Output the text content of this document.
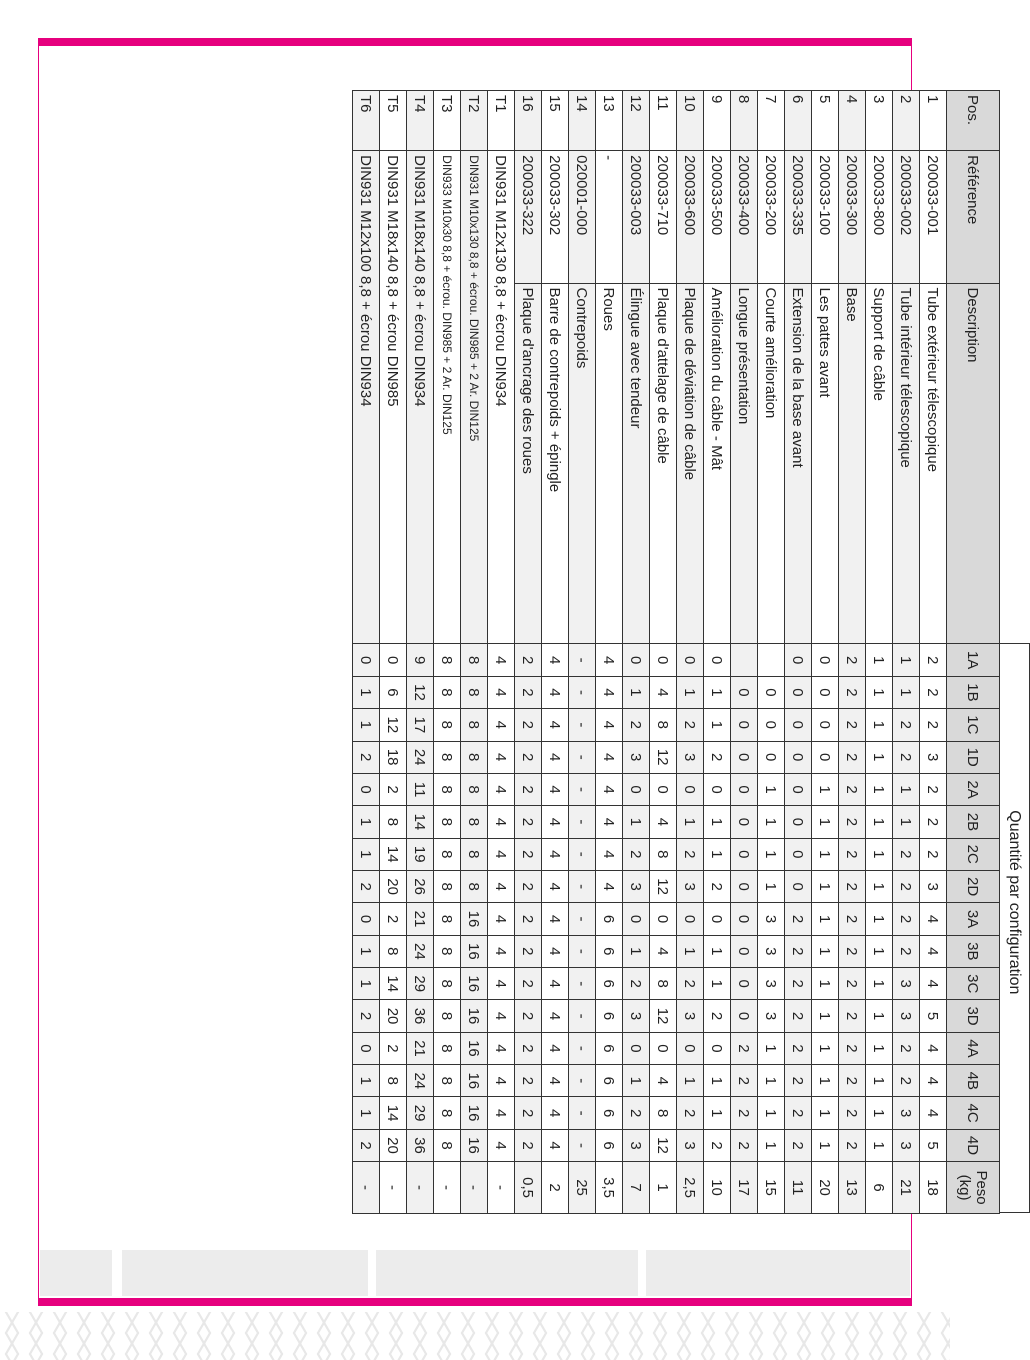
Quantité par configuration
Pos.	Référence	Description	1A	1B	1C	1D	2A	2B	2C	2D	3A	3B	3C	3D	4A	4B	4C	4D	Peso
(kg)

1	200033-001	Tube extérieur télescopique	2	2	2	3	2	2	2	3	4	4	4	5	4	4	4	5	18
2	200033-002	Tube intérieur télescopique	1	1	2	2	1	1	2	2	2	2	3	3	2	2	3	3	21
3	200033-800	Support de câble	1	1	1	1	1	1	1	1	1	1	1	1	1	1	1	1	6
4	200033-300	Base	2	2	2	2	2	2	2	2	2	2	2	2	2	2	2	2	13
5	200033-100	Les pattes avant	0	0	0	0	1	1	1	1	1	1	1	1	1	1	1	1	20
6	200033-335	Extension de la base avant	0	0	0	0	0	0	0	0	2	2	2	2	2	2	2	2	11
7	200033-200	Courte amélioration		0	0	0	1	1	1	1	3	3	3	3	1	1	1	1	15
8	200033-400	Longue présentation		0	0	0	0	0	0	0	0	0	0	0	2	2	2	2	17
9	200033-500	Amélioration du câble - Mât	0	1	1	2	0	1	1	2	0	1	1	2	0	1	1	2	10
10	200033-600	Plaque de déviation de câble	0	1	2	3	0	1	2	3	0	1	2	3	0	1	2	3	2,5
11	200033-710	Plaque d'attelage de câble	0	4	8	12	0	4	8	12	0	4	8	12	0	4	8	12	1
12	200033-003	Élingue avec tendeur	0	1	2	3	0	1	2	3	0	1	2	3	0	1	2	3	7
13	-	Roues	4	4	4	4	4	4	4	4	6	6	6	6	6	6	6	6	3,5
14	020001-000	Contrepoids	-	-	-	-	-	-	-	-	-	-	-	-	-	-	-	-	25
15	200033-302	Barre de contrepoids + épingle	4	4	4	4	4	4	4	4	4	4	4	4	4	4	4	4	2
16	200033-322	Plaque d'ancrage des roues	2	2	2	2	2	2	2	2	2	2	2	2	2	2	2	2	0,5
T1	DIN931 M12x130 8,8 + écrou DIN934		4	4	4	4	4	4	4	4	4	4	4	4	4	4	4	4	-
T2	DIN931 M10x130 8,8 + écrou. DIN985 + 2 Ar. DIN125		8	8	8	8	8	8	8	8	16	16	16	16	16	16	16	16	-
T3	DIN933 M10x30 8,8 + écrou. DIN985 + 2 Ar. DIN125		8	8	8	8	8	8	8	8	8	8	8	8	8	8	8	8	-
T4	DIN931 M18x140 8,8 + écrou DIN934		9	12	17	24	11	14	19	26	21	24	29	36	21	24	29	36	-
T5	DIN931 M18x140 8,8 + écrou DIN985		0	6	12	18	2	8	14	20	2	8	14	20	2	8	14	20	-
T6	DIN931 M12x100 8,8 + écrou DIN934		0	1	1	2	0	1	1	2	0	1	1	2	0	1	1	2	-
